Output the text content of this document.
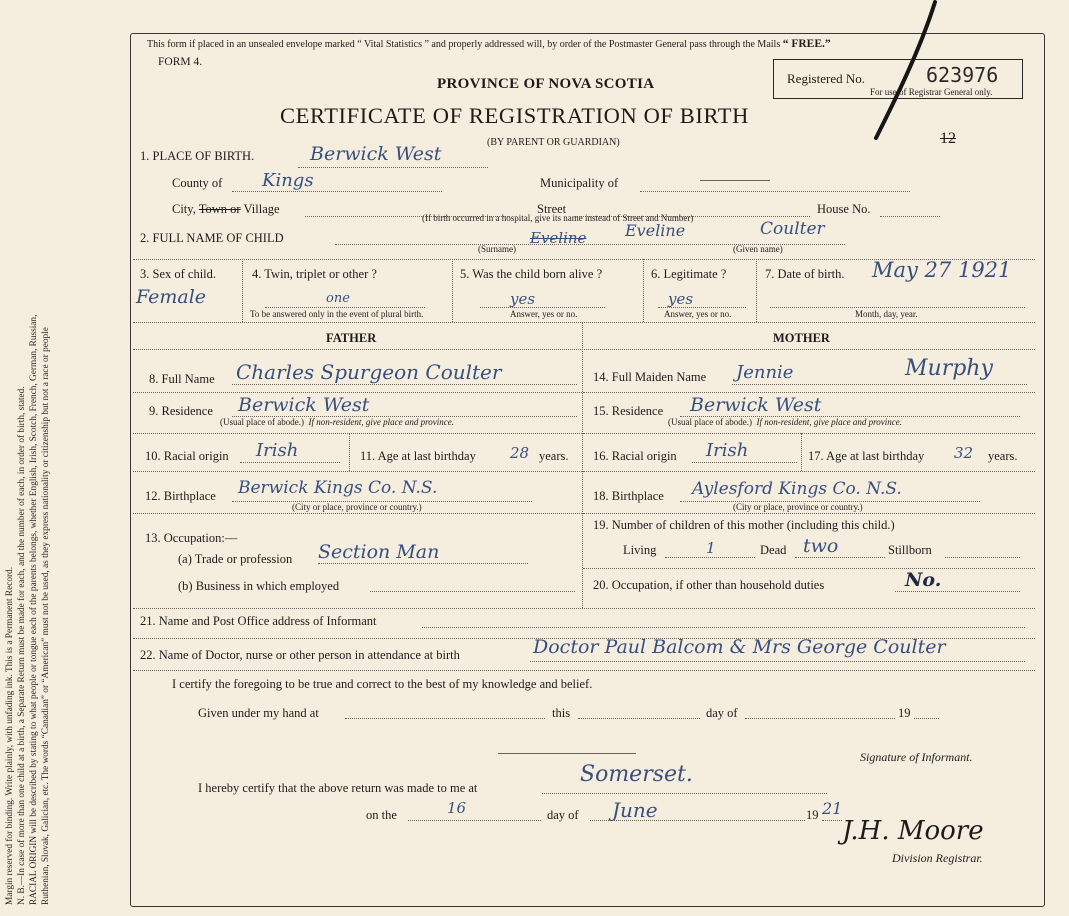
Margin reserved for binding. Write plainly, with unfading ink. This is a Permanent Record. N. B.—In case of more than one child at a birth, a Separate Return must be made for each, and the number of each, in order of birth, stated. RACIAL ORIGIN will be described by stating to what people or tongue each of the parents belongs, whether English, Irish, Scotch, French, German, Russian, Ruthenian, Slovak, Galician, etc. The words “Canadian” or “American” must not be used, as they express nationality or citizenship but not a race or people
This form if placed in an unsealed envelope marked “ Vital Statistics ” and properly addressed will, by order of the Postmaster General pass through the Mails “ FREE.”
FORM 4.
PROVINCE OF NOVA SCOTIA
CERTIFICATE OF REGISTRATION OF BIRTH
(BY PARENT OR GUARDIAN)
Registered No.	623976
For use of Registrar General only.
12
1. PLACE OF BIRTH.	Berwick West
County of Kings	Municipality of
City, Town or Village	Street	House No.
(If birth occurred in a hospital, give its name instead of Street and Number)
2. FULL NAME OF CHILD	Eveline Eveline	Coulter
(Surname)	(Given name)
3. Sex of child.
Female
4. Twin, triplet or other ?
one
To be answered only in the event of plural birth.
5. Was the child born alive ?
yes
Answer, yes or no.
6. Legitimate ?
yes
Answer, yes or no.
7. Date of birth. May 27 1921
Month, day, year.
FATHER	MOTHER
8. Full Name Charles Spurgeon Coulter
9. Residence Berwick West
(Usual place of abode.) If non-resident, give place and province.
10. Racial origin Irish	11. Age at last birthday 28 years.
12. Birthplace Berwick Kings Co. N.S.
(City or place, province or country.)
13. Occupation:—
(a) Trade or profession Section Man
(b) Business in which employed
14. Full Maiden Name Jennie	Murphy
15. Residence Berwick West
(Usual place of abode.) If non-resident, give place and province.
16. Racial origin Irish	17. Age at last birthday 32 years.
18. Birthplace Aylesford Kings Co. N.S.
(City or place, province or country.)
19. Number of children of this mother (including this child.)
Living	1	Dead two	Stillborn
20. Occupation, if other than household duties	No.
21. Name and Post Office address of Informant
22. Name of Doctor, nurse or other person in attendance at birth	Doctor Paul Balcom & Mrs George Coulter
I certify the foregoing to be true and correct to the best of my knowledge and belief.
Given under my hand at	this	day of	19
Signature of Informant.
I hereby certify that the above return was made to me at
Somerset.
on the	16	day of June	19 21
J.H. Moore
Division Registrar.
